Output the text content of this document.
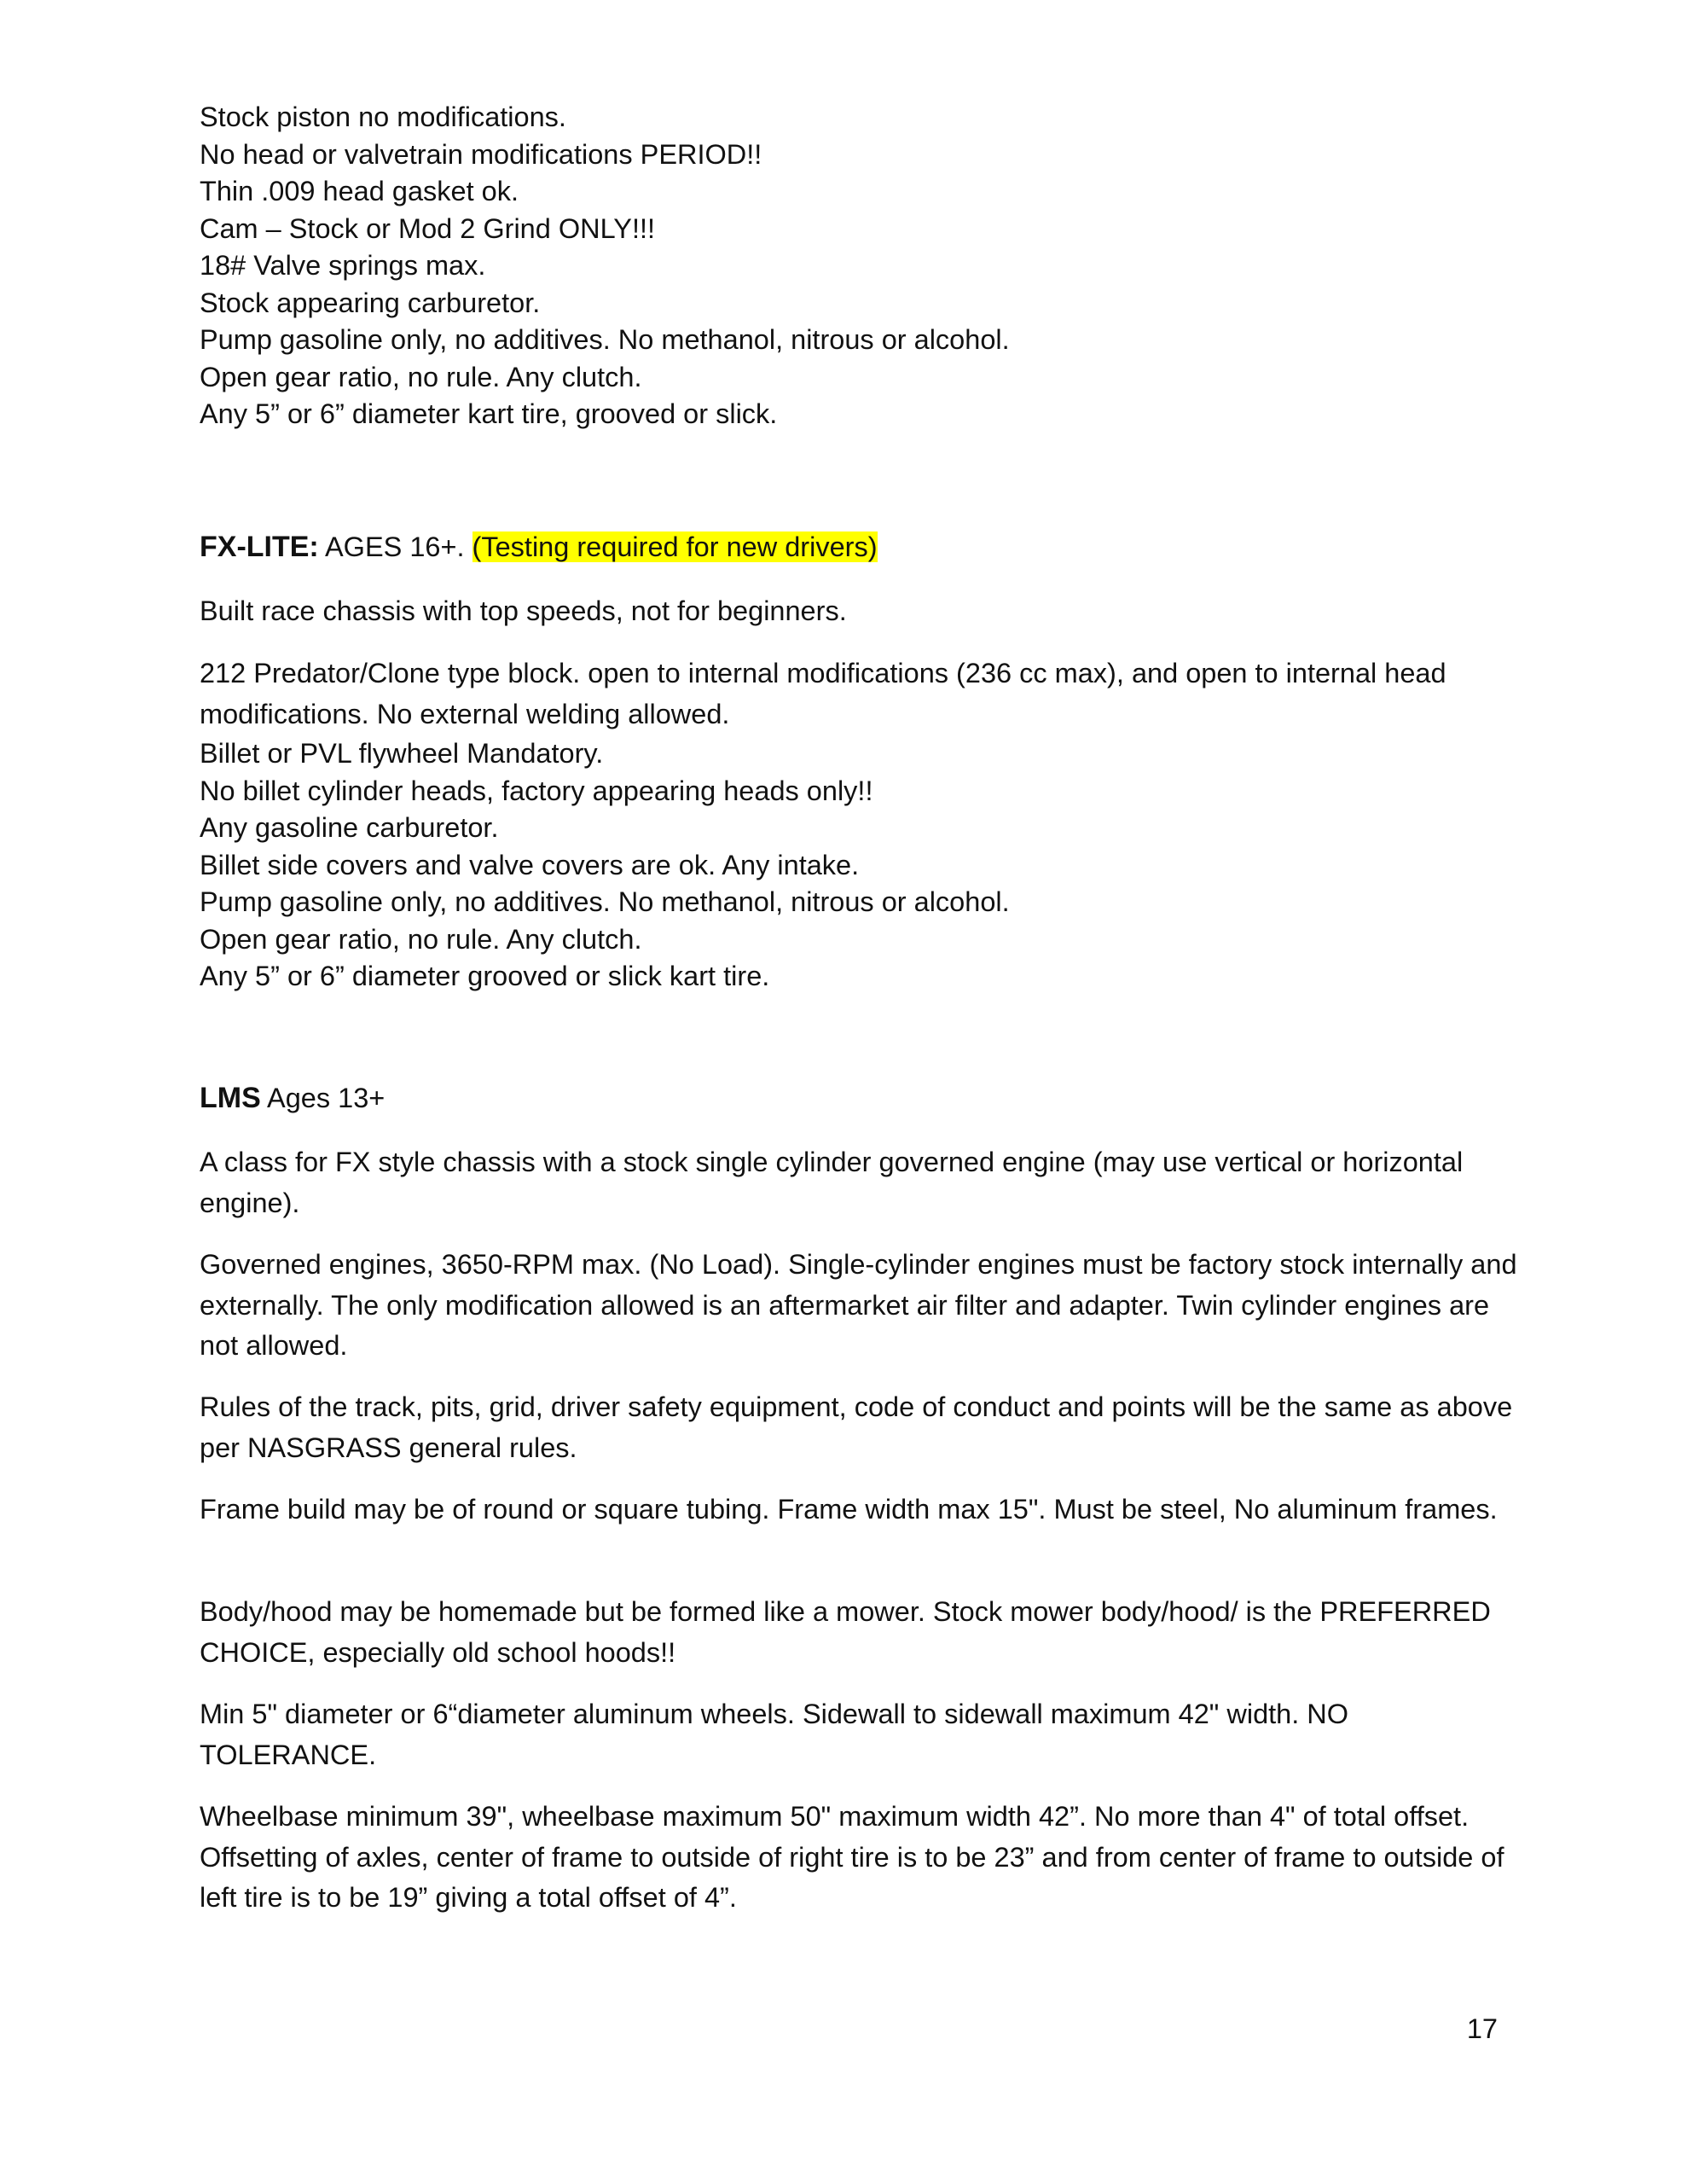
Stock piston no modifications.
No head or valvetrain modifications PERIOD!!
Thin .009 head gasket ok.
Cam – Stock or Mod 2 Grind ONLY!!!
18# Valve springs max.
Stock appearing carburetor.
Pump gasoline only, no additives. No methanol, nitrous or alcohol.
Open gear ratio, no rule. Any clutch.
Any 5” or 6” diameter kart tire, grooved or slick.
FX-LITE: AGES 16+. (Testing required for new drivers)
Built race chassis with top speeds, not for beginners.
212 Predator/Clone type block. open to internal modifications (236 cc max), and open to internal head modifications. No external welding allowed.
Billet or PVL flywheel Mandatory.
No billet cylinder heads, factory appearing heads only!!
Any gasoline carburetor.
Billet side covers and valve covers are ok. Any intake.
Pump gasoline only, no additives. No methanol, nitrous or alcohol.
Open gear ratio, no rule. Any clutch.
Any 5” or 6” diameter grooved or slick kart tire.
LMS Ages 13+
A class for FX style chassis with a stock single cylinder governed engine (may use vertical or horizontal engine).
Governed engines, 3650-RPM max. (No Load). Single-cylinder engines must be factory stock internally and externally. The only modification allowed is an aftermarket air filter and adapter. Twin cylinder engines are not allowed.
Rules of the track, pits, grid, driver safety equipment, code of conduct and points will be the same as above per NASGRASS general rules.
Frame build may be of round or square tubing. Frame width max 15". Must be steel, No aluminum frames.
Body/hood may be homemade but be formed like a mower. Stock mower body/hood/ is the PREFERRED CHOICE, especially old school hoods!!
Min 5" diameter or 6“diameter aluminum wheels. Sidewall to sidewall maximum 42" width. NO TOLERANCE.
Wheelbase minimum 39", wheelbase maximum 50" maximum width 42”. No more than 4" of total offset. Offsetting of axles, center of frame to outside of right tire is to be 23” and from center of frame to outside of left tire is to be 19” giving a total offset of 4”.
17
